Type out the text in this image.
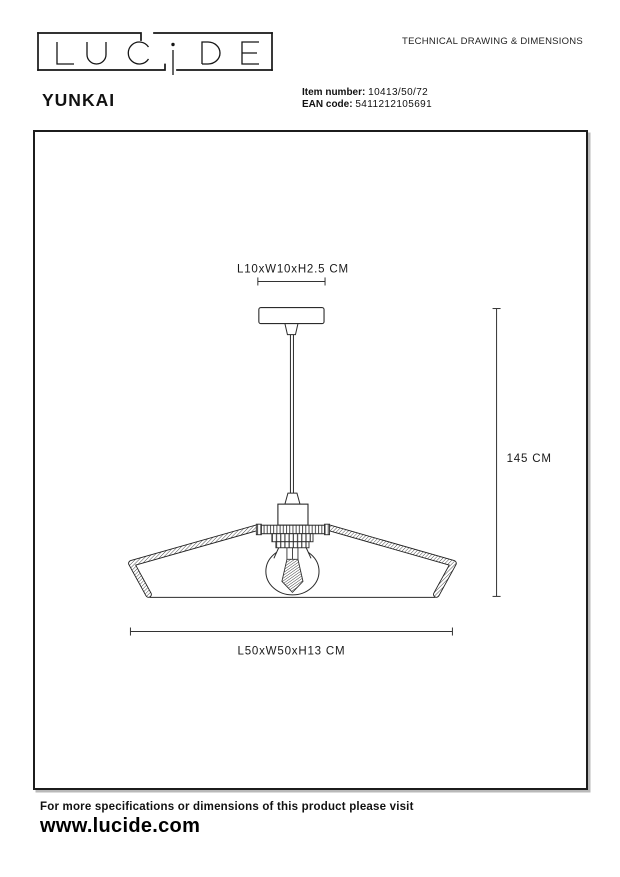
TECHNICAL DRAWING & DIMENSIONS
YUNKAI	Item number: 10413/50/72
EAN code: 5411212105691
L10xW10xH2.5 CM
145 CM
L50xW50xH13 CM
For more specifications or dimensions of this product please visit
www.lucide.com
